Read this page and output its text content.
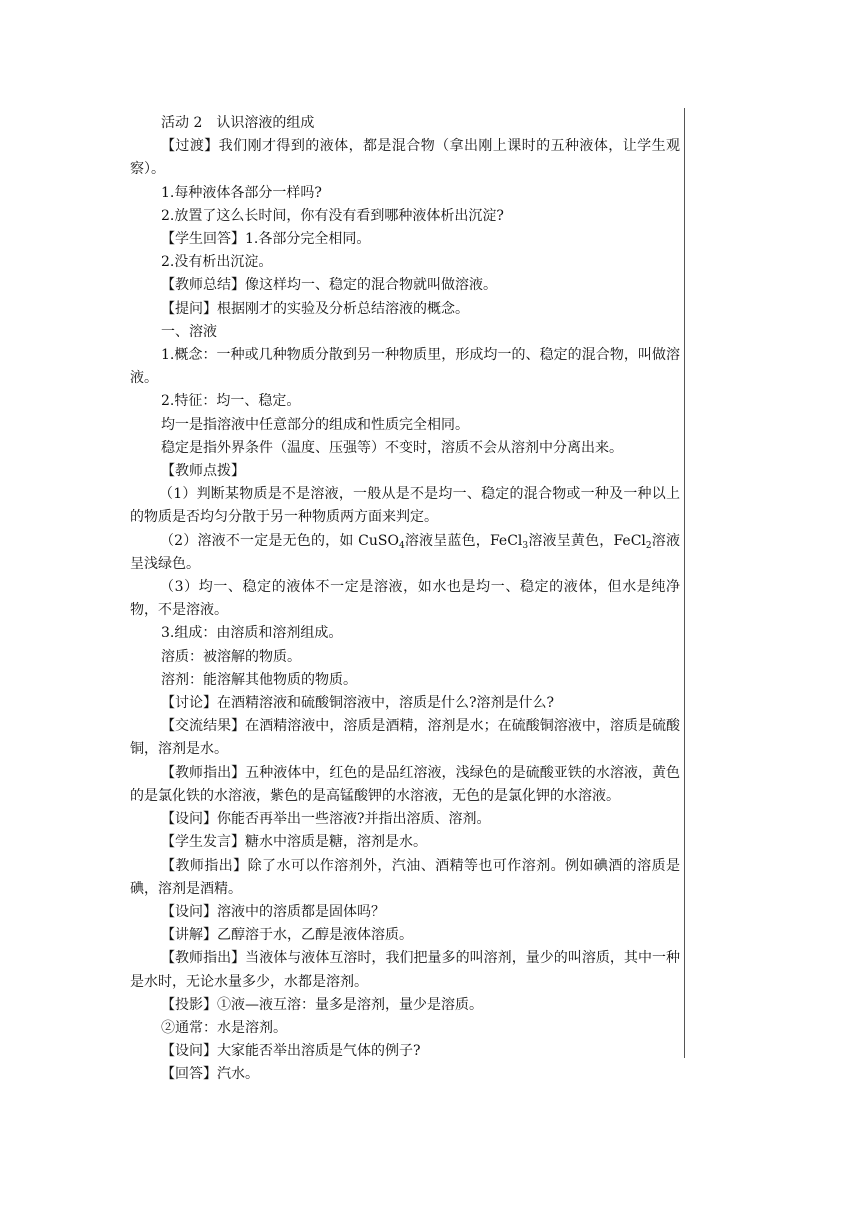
活动 2　认识溶液的组成

【过渡】我们刚才得到的液体，都是混合物（拿出刚上课时的五种液体，让学生观察）。

1.每种液体各部分一样吗?

2.放置了这么长时间，你有没有看到哪种液体析出沉淀?

【学生回答】1.各部分完全相同。

2.没有析出沉淀。

【教师总结】像这样均一、稳定的混合物就叫做溶液。

【提问】根据刚才的实验及分析总结溶液的概念。

一、溶液

1.概念：一种或几种物质分散到另一种物质里，形成均一的、稳定的混合物，叫做溶液。

2.特征：均一、稳定。

均一是指溶液中任意部分的组成和性质完全相同。

稳定是指外界条件（温度、压强等）不变时，溶质不会从溶剂中分离出来。

【教师点拨】

（1）判断某物质是不是溶液，一般从是不是均一、稳定的混合物或一种及一种以上的物质是否均匀分散于另一种物质两方面来判定。

（2）溶液不一定是无色的，如 CuSO$_4$溶液呈蓝色，FeCl$_3$溶液呈黄色，FeCl$_2$溶液呈浅绿色。

（3）均一、稳定的液体不一定是溶液，如水也是均一、稳定的液体，但水是纯净物，不是溶液。

3.组成：由溶质和溶剂组成。

溶质：被溶解的物质。

溶剂：能溶解其他物质的物质。

【讨论】在酒精溶液和硫酸铜溶液中，溶质是什么?溶剂是什么?

【交流结果】在酒精溶液中，溶质是酒精，溶剂是水；在硫酸铜溶液中，溶质是硫酸铜，溶剂是水。

【教师指出】五种液体中，红色的是品红溶液，浅绿色的是硫酸亚铁的水溶液，黄色的是氯化铁的水溶液，紫色的是高锰酸钾的水溶液，无色的是氯化钾的水溶液。

【设问】你能否再举出一些溶液?并指出溶质、溶剂。

【学生发言】糖水中溶质是糖，溶剂是水。

【教师指出】除了水可以作溶剂外，汽油、酒精等也可作溶剂。例如碘酒的溶质是碘，溶剂是酒精。

【设问】溶液中的溶质都是固体吗？

【讲解】乙醇溶于水，乙醇是液体溶质。

【教师指出】当液体与液体互溶时，我们把量多的叫溶剂，量少的叫溶质，其中一种是水时，无论水量多少，水都是溶剂。

【投影】①液—液互溶：量多是溶剂，量少是溶质。

②通常：水是溶剂。

【设问】大家能否举出溶质是气体的例子?

【回答】汽水。
